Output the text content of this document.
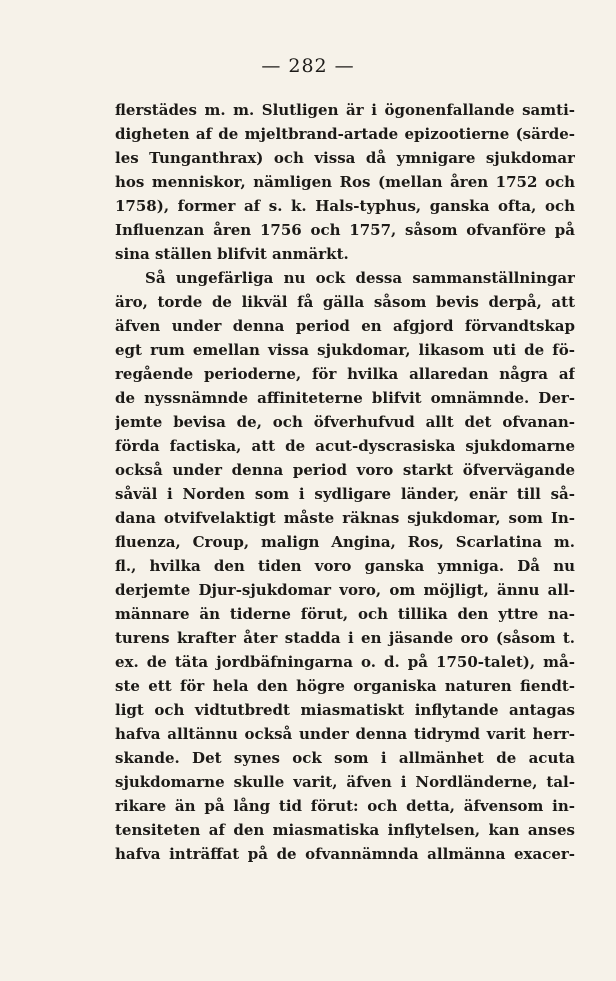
— 282 —
flerstädes m. m. Slutligen är i ögonenfallande samti-
digheten af de mjeltbrand-artade epizootierne (särde-
les Tunganthrax) och vissa då ymnigare sjukdomar
hos menniskor, nämligen Ros (mellan åren 1752 och
1758), former af s. k. Hals-typhus, ganska ofta, och
Influenzan åren 1756 och 1757, såsom ofvanföre på
sina ställen blifvit anmärkt.
Så ungefärliga nu ock dessa sammanställningar
äro, torde de likväl få gälla såsom bevis derpå, att
äfven under denna period en afgjord förvandtskap
egt rum emellan vissa sjukdomar, likasom uti de fö-
regående perioderne, för hvilka allaredan några af
de nyssnämnde affiniteterne blifvit omnämnde. Der-
jemte bevisa de, och öfverhufvud allt det ofvanan-
förda factiska, att de acut-dyscrasiska sjukdomarne
också under denna period voro starkt öfvervägande
såväl i Norden som i sydligare länder, enär till så-
dana otvifvelaktigt måste räknas sjukdomar, som In-
fluenza, Croup, malign Angina, Ros, Scarlatina m.
fl., hvilka den tiden voro ganska ymniga. Då nu
derjemte Djur-sjukdomar voro, om möjligt, ännu all-
männare än tiderne förut, och tillika den yttre na-
turens krafter åter stadda i en jäsande oro (såsom t.
ex. de täta jordbäfningarna o. d. på 1750-talet), må-
ste ett för hela den högre organiska naturen fiendt-
ligt och vidtutbredt miasmatiskt inflytande antagas
hafva alltännu också under denna tidrymd varit herr-
skande. Det synes ock som i allmänhet de acuta
sjukdomarne skulle varit, äfven i Nordländerne, tal-
rikare än på lång tid förut: och detta, äfvensom in-
tensiteten af den miasmatiska inflytelsen, kan anses
hafva inträffat på de ofvannämnda allmänna exacer-
